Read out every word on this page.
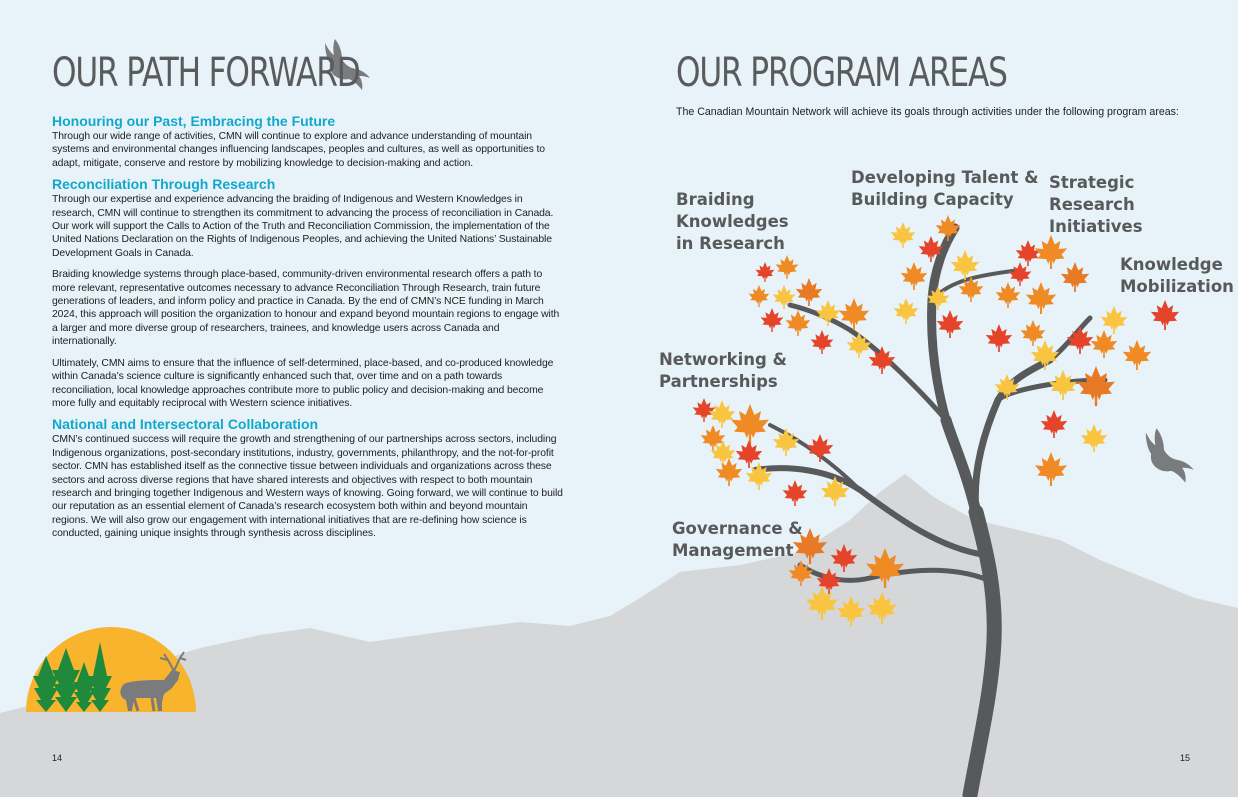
OUR PATH FORWARD
Honouring our Past, Embracing the Future

Through our wide range of activities, CMN will continue to explore and advance understanding of mountain systems and environmental changes influencing landscapes, peoples and cultures, as well as opportunities to adapt, mitigate, conserve and restore by mobilizing knowledge to decision-making and action.

Reconciliation Through Research

Through our expertise and experience advancing the braiding of Indigenous and Western Knowledges in research, CMN will continue to strengthen its commitment to advancing the process of reconciliation in Canada. Our work will support the Calls to Action of the Truth and Reconciliation Commission, the implementation of the United Nations Declaration on the Rights of Indigenous Peoples, and achieving the United Nations’ Sustainable Development Goals in Canada.

Braiding knowledge systems through place-based, community-driven environmental research offers a path to more relevant, representative outcomes necessary to advance Reconciliation Through Research, train future generations of leaders, and inform policy and practice in Canada. By the end of CMN’s NCE funding in March 2024, this approach will position the organization to honour and expand beyond mountain regions to engage with a larger and more diverse group of researchers, trainees, and knowledge users across Canada and internationally.

Ultimately, CMN aims to ensure that the influence of self-determined, place-based, and co-produced knowledge within Canada’s science culture is significantly enhanced such that, over time and on a path towards reconciliation, local knowledge approaches contribute more to public policy and decision-making and become more fully and equitably reciprocal with Western science initiatives.

National and Intersectoral Collaboration

CMN’s continued success will require the growth and strengthening of our partnerships across sectors, including Indigenous organizations, post-secondary institutions, industry, governments, philanthropy, and the not-for-profit sector. CMN has established itself as the connective tissue between individuals and organizations across these sectors and across diverse regions that have shared interests and objectives with respect to both mountain research and bringing together Indigenous and Western ways of knowing. Going forward, we will continue to build our reputation as an essential element of Canada’s research ecosystem both within and beyond mountain regions. We will also grow our engagement with international initiatives that are re-defining how science is conducted, gaining unique insights through synthesis across disciplines.

14

OUR PROGRAM AREAS

The Canadian Mountain Network will achieve its goals through activities under the following program areas:

Braiding
Knowledges
in Research

Developing Talent &
Building Capacity

Strategic
Research
Initiatives

Knowledge
Mobilization

Networking &
Partnerships

Governance &
Management

15
